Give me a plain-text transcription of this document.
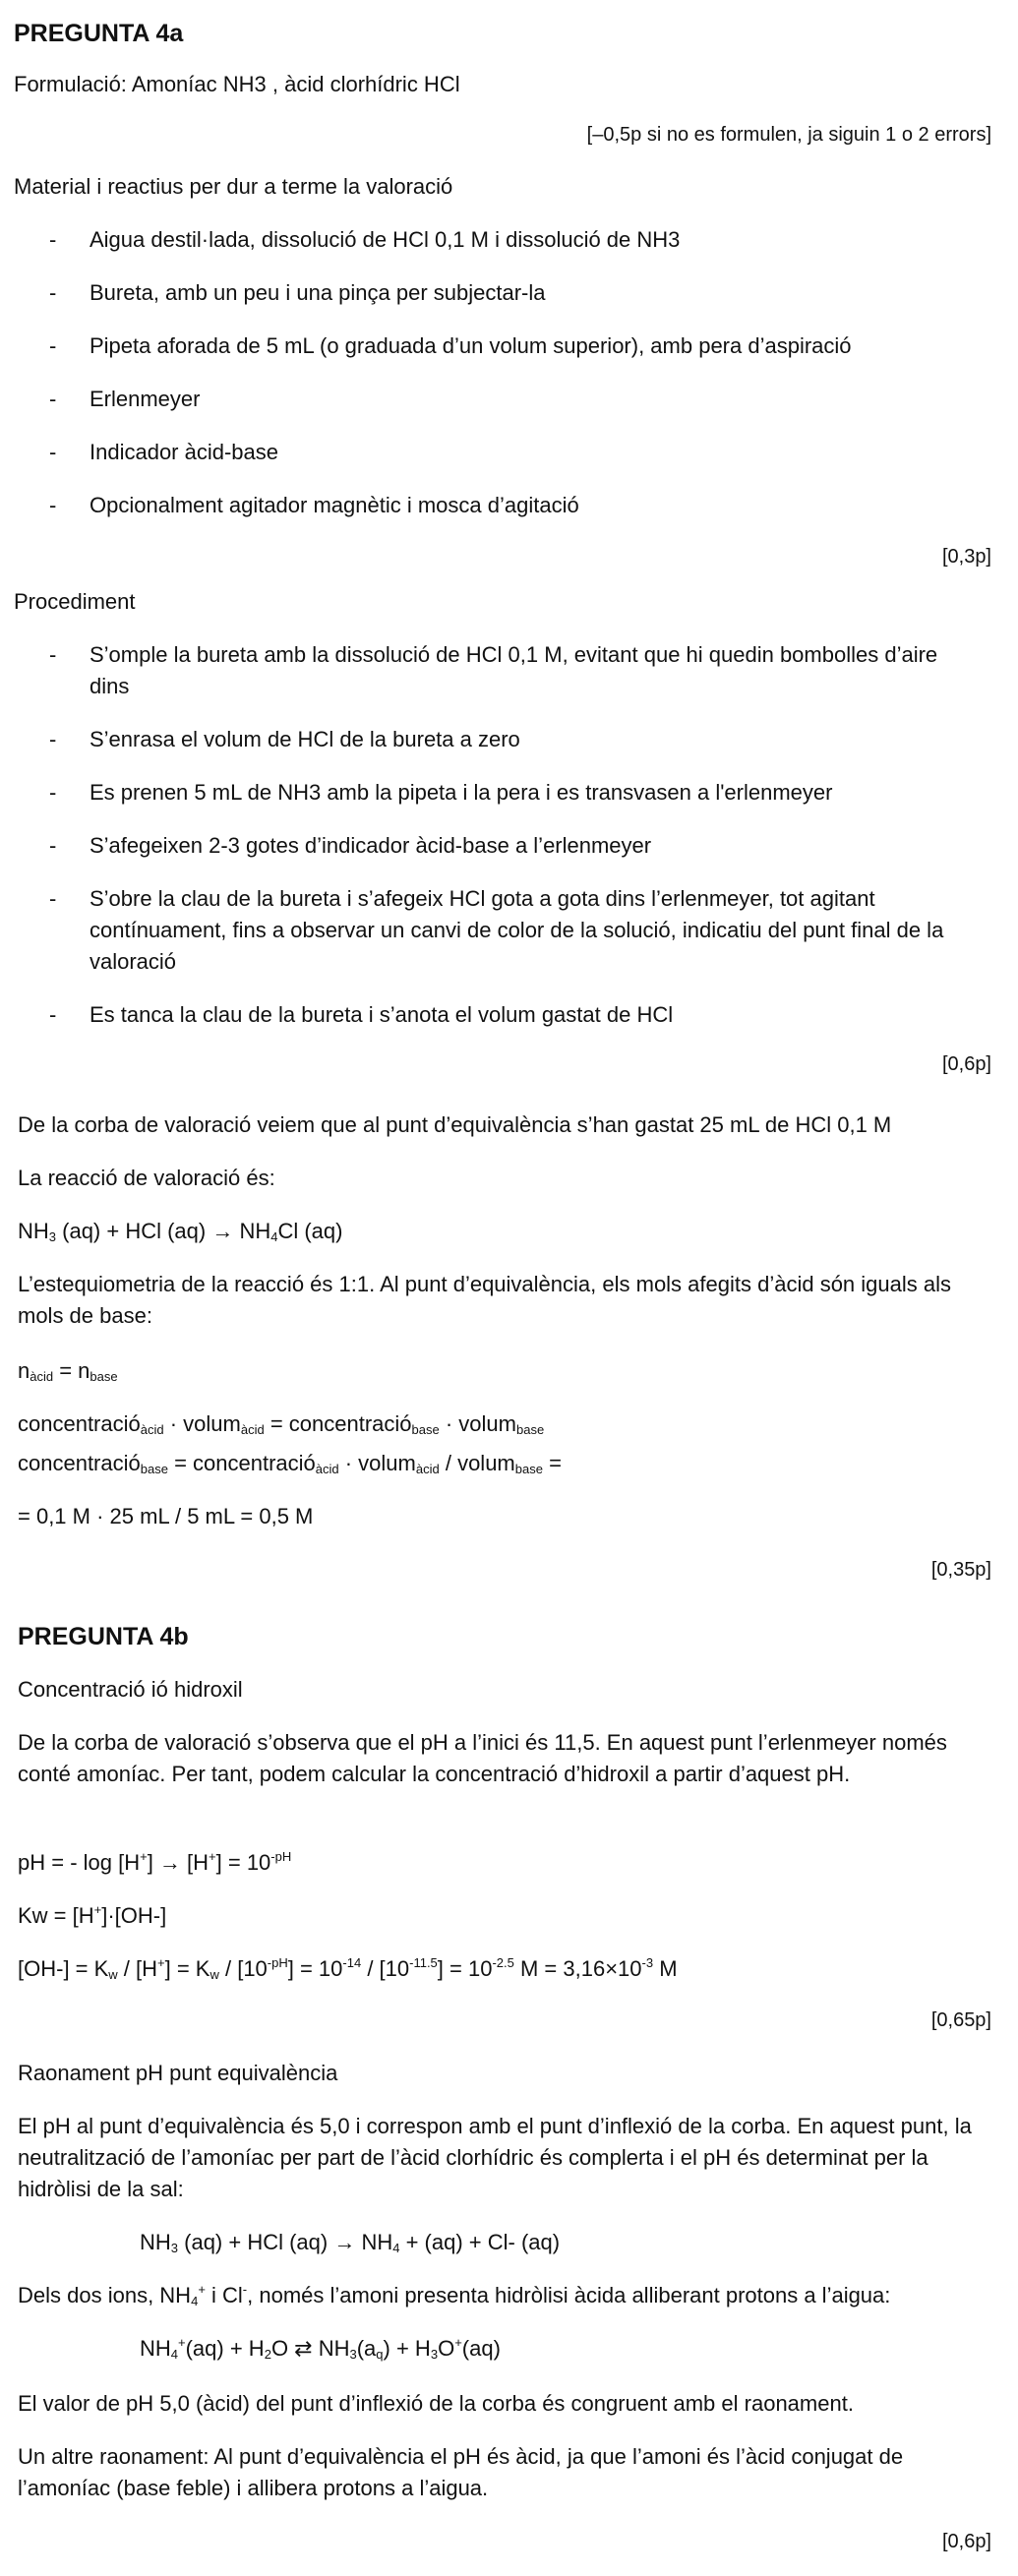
PREGUNTA 4a
Formulació: Amoníac NH3 , àcid clorhídric HCl
[–0,5p si no es formulen, ja siguin 1 o 2 errors]
Material i reactius per dur a terme la valoració
-	Aigua destil·lada, dissolució de HCl 0,1 M i dissolució de NH3
-	Bureta, amb un peu i una pinça per subjectar-la
-	Pipeta aforada de 5 mL (o graduada d’un volum superior), amb pera d’aspiració
-	Erlenmeyer
-	Indicador àcid-base
-	Opcionalment agitador magnètic i mosca d’agitació
[0,3p]
Procediment
-	S’omple la bureta amb la dissolució de HCl 0,1 M, evitant que hi quedin bombolles d’aire dins
-	S’enrasa el volum de HCl de la bureta a zero
-	Es prenen 5 mL de NH3 amb la pipeta i la pera i es transvasen a l'erlenmeyer
-	S’afegeixen 2-3 gotes d’indicador àcid-base a l’erlenmeyer
-	S’obre la clau de la bureta i s’afegeix HCl gota a gota dins l’erlenmeyer, tot agitant contínuament, fins a observar un canvi de color de la solució, indicatiu del punt final de la valoració
-	Es tanca la clau de la bureta i s’anota el volum gastat de HCl
[0,6p]
De la corba de valoració veiem que al punt d’equivalència s’han gastat 25 mL de HCl 0,1 M
La reacció de valoració és:
$NH_3$ (aq) + HCl $(aq) \to NH_4Cl$ (aq)
L’estequiometria de la reacció és 1:1. Al punt d’equivalència, els mols afegits d’àcid són iguals als mols de base:
$n_{àcid} = n_{base}$
concentració$_{àcid}$ · volum$_{àcid}$ = concentració$_{base}$ · volum$_{base}$
concentració$_{base}$ = concentració$_{àcid}$ · volum$_{àcid}$ / volum$_{base}$ =
= 0,1 M · 25 mL / 5 mL = 0,5 M
[0,35p]
PREGUNTA 4b
Concentració ió hidroxil
De la corba de valoració s’observa que el pH a l’inici és 11,5. En aquest punt l’erlenmeyer només conté amoníac. Per tant, podem calcular la concentració d’hidroxil a partir d’aquest pH.
pH = - $\log [H^+] \to [H^+] = 10^{-pH}$
Kw = [H+]·[OH-]
$[OH-] = K_w / [H^+] = K_w / [10^{-pH}] = 10^{-14} / [10^{-11.5}] = 10^{-2.5}$ $M = 3,16\times 10^{-3}$ M
[0,65p]
Raonament pH punt equivalència
El pH al punt d’equivalència és 5,0 i correspon amb el punt d’inflexió de la corba. En aquest punt, la neutralització de l’amoníac per part de l’àcid clorhídric és complerta i el pH és determinat per la hidròlisi de la sal:
$NH_3$ (aq) + HCl $(aq) \to NH_4 + (aq) + Cl-$ (aq)
Dels dos ions, $NH_4^+$ i Cl-, només l’amoni presenta hidròlisi àcida alliberant protons a l’aigua:
$NH_4^+(aq) + H_2O$ ⇄ $NH_3(a_q) + H_3O^+(aq)$
El valor de pH 5,0 (àcid) del punt d’inflexió de la corba és congruent amb el raonament.
Un altre raonament: Al punt d’equivalència el pH és àcid, ja que l’amoni és l’àcid conjugat de l’amoníac (base feble) i allibera protons a l’aigua.
[0,6p]
